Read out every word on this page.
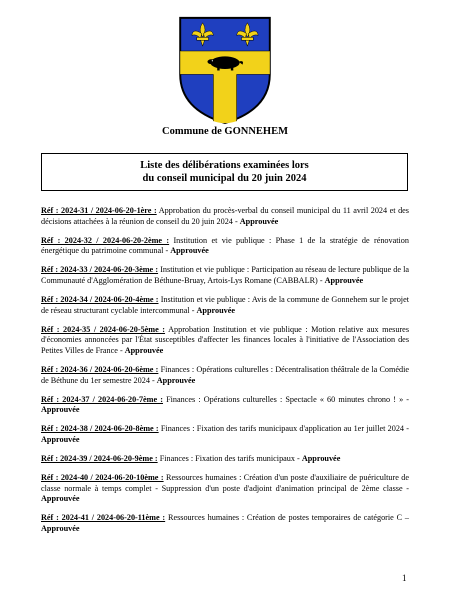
Commune de GONNEHEM
Liste des délibérations examinées lors
du conseil municipal du 20 juin 2024

Réf : 2024-31 / 2024-06-20-1ère : Approbation du procès-verbal du conseil municipal du 11 avril 2024 et des décisions attachées à la réunion de conseil du 20 juin 2024 - Approuvée

Réf : 2024-32 / 2024-06-20-2ème : Institution et vie publique : Phase 1 de la stratégie de rénovation énergétique du patrimoine communal - Approuvée

Réf : 2024-33 / 2024-06-20-3ème : Institution et vie publique : Participation au réseau de lecture publique de la Communauté d'Agglomération de Béthune-Bruay, Artois-Lys Romane (CABBALR) - Approuvée

Réf : 2024-34 / 2024-06-20-4ème : Institution et vie publique : Avis de la commune de Gonnehem sur le projet de réseau structurant cyclable intercommunal - Approuvée

Réf : 2024-35 / 2024-06-20-5ème : Approbation Institution et vie publique : Motion relative aux mesures d'économies annoncées par l'État susceptibles d'affecter les finances locales à l'initiative de l'Association des Petites Villes de France - Approuvée

Réf : 2024-36 / 2024-06-20-6ème : Finances : Opérations culturelles : Décentralisation théâtrale de la Comédie de Béthune du 1er semestre 2024 - Approuvée

Réf : 2024-37 / 2024-06-20-7ème : Finances : Opérations culturelles : Spectacle « 60 minutes chrono ! » - Approuvée

Réf : 2024-38 / 2024-06-20-8ème : Finances : Fixation des tarifs municipaux d'application au 1er juillet 2024 - Approuvée

Réf : 2024-39 / 2024-06-20-9ème : Finances : Fixation des tarifs municipaux - Approuvée

Réf : 2024-40 / 2024-06-20-10ème : Ressources humaines : Création d'un poste d'auxiliaire de puériculture de classe normale à temps complet - Suppression d'un poste d'adjoint d'animation principal de 2ème classe - Approuvée

Réf : 2024-41 / 2024-06-20-11ème : Ressources humaines : Création de postes temporaires de catégorie C – Approuvée

1
